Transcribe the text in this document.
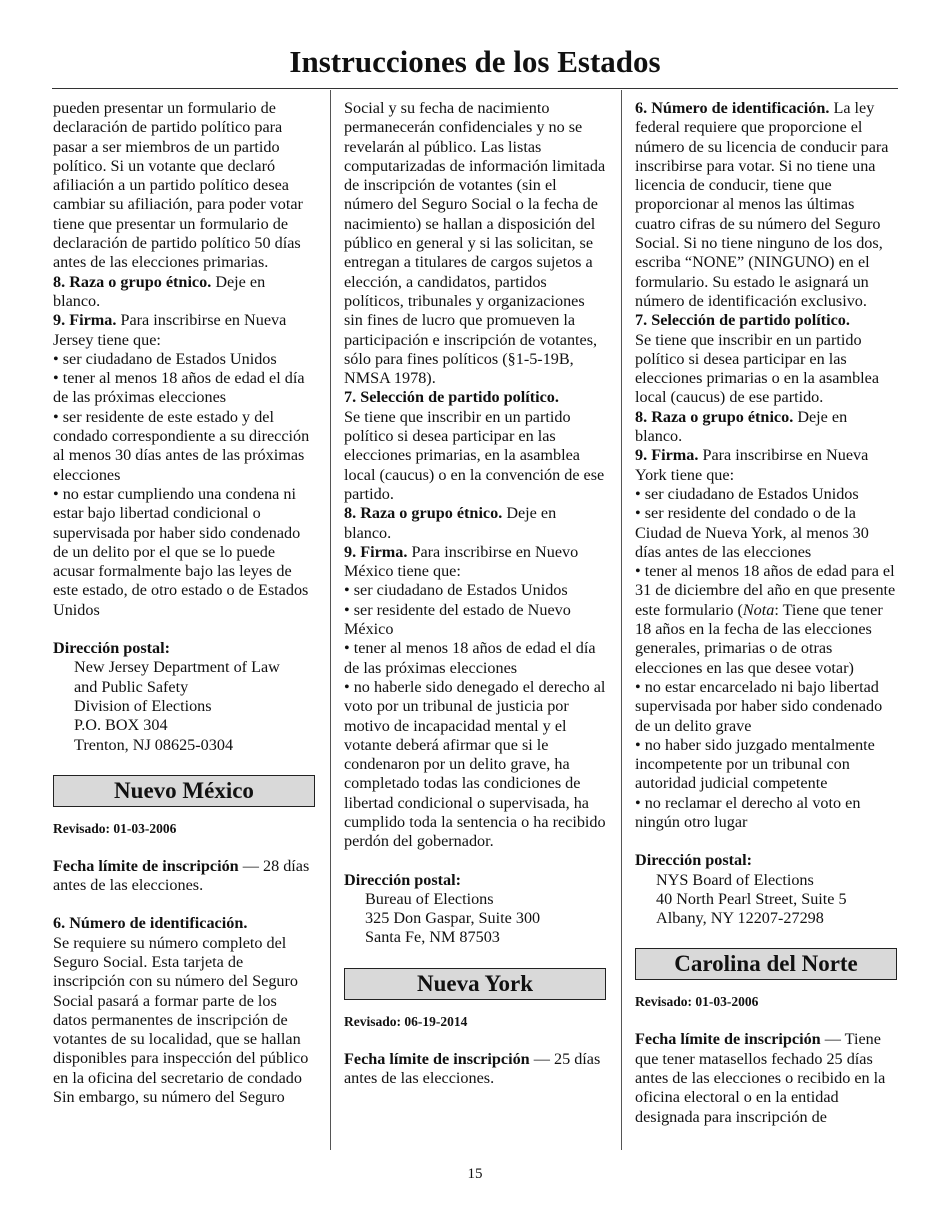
Instrucciones de los Estados

pueden presentar un formulario de declaración de partido político para pasar a ser miembros de un partido político. Si un votante que declaró afiliación a un partido político desea cambiar su afiliación, para poder votar tiene que presentar un formulario de declaración de partido político 50 días antes de las elecciones primarias.

8. Raza o grupo étnico. Deje en blanco.

9. Firma. Para inscribirse en Nueva Jersey tiene que:

• ser ciudadano de Estados Unidos

• tener al menos 18 años de edad el día de las próximas elecciones

• ser residente de este estado y del condado correspondiente a su dirección al menos 30 días antes de las próximas elecciones

• no estar cumpliendo una condena ni estar bajo libertad condicional o supervisada por haber sido condenado de un delito por el que se lo puede acusar formalmente bajo las leyes de este estado, de otro estado o de Estados Unidos

Dirección postal:

New Jersey Department of Law

and Public Safety

Division of Elections

P.O. BOX 304

Trenton, NJ 08625-0304

Nuevo México

Revisado: 01-03-2006

Fecha límite de inscripción — 28 días antes de las elecciones.

6. Número de identificación.

Se requiere su número completo del Seguro Social. Esta tarjeta de inscripción con su número del Seguro Social pasará a formar parte de los datos permanentes de inscripción de votantes de su localidad, que se hallan disponibles para inspección del público en la oficina del secretario de condado Sin embargo, su número del Seguro

Social y su fecha de nacimiento permanecerán confidenciales y no se revelarán al público. Las listas computarizadas de información limitada de inscripción de votantes (sin el número del Seguro Social o la fecha de nacimiento) se hallan a disposición del público en general y si las solicitan, se entregan a titulares de cargos sujetos a elección, a candidatos, partidos políticos, tribunales y organizaciones sin fines de lucro que promueven la participación e inscripción de votantes, sólo para fines políticos (§1-5-19B, NMSA 1978).

7. Selección de partido político.

Se tiene que inscribir en un partido político si desea participar en las elecciones primarias, en la asamblea local (caucus) o en la convención de ese partido.

8. Raza o grupo étnico. Deje en blanco.

9. Firma. Para inscribirse en Nuevo México tiene que:

• ser ciudadano de Estados Unidos

• ser residente del estado de Nuevo México

• tener al menos 18 años de edad el día de las próximas elecciones

• no haberle sido denegado el derecho al voto por un tribunal de justicia por motivo de incapacidad mental y el votante deberá afirmar que si le condenaron por un delito grave, ha completado todas las condiciones de libertad condicional o supervisada, ha cumplido toda la sentencia o ha recibido perdón del gobernador.

Dirección postal:

Bureau of Elections

325 Don Gaspar, Suite 300

Santa Fe, NM 87503

Nueva York

Revisado: 06-19-2014

Fecha límite de inscripción — 25 días antes de las elecciones.

6. Número de identificación. La ley federal requiere que proporcione el número de su licencia de conducir para inscribirse para votar. Si no tiene una licencia de conducir, tiene que proporcionar al menos las últimas cuatro cifras de su número del Seguro Social. Si no tiene ninguno de los dos, escriba “NONE” (NINGUNO) en el formulario. Su estado le asignará un número de identificación exclusivo.

7. Selección de partido político.

Se tiene que inscribir en un partido político si desea participar en las elecciones primarias o en la asamblea local (caucus) de ese partido.

8. Raza o grupo étnico. Deje en blanco.

9. Firma. Para inscribirse en Nueva York tiene que:

• ser ciudadano de Estados Unidos

• ser residente del condado o de la Ciudad de Nueva York, al menos 30 días antes de las elecciones

• tener al menos 18 años de edad para el 31 de diciembre del año en que presente este formulario (Nota: Tiene que tener 18 años en la fecha de las elecciones generales, primarias o de otras elecciones en las que desee votar)

• no estar encarcelado ni bajo libertad supervisada por haber sido condenado de un delito grave

• no haber sido juzgado mentalmente incompetente por un tribunal con autoridad judicial competente

• no reclamar el derecho al voto en ningún otro lugar

Dirección postal:

NYS Board of Elections

40 North Pearl Street, Suite 5

Albany, NY 12207-27298

Carolina del Norte

Revisado: 01-03-2006

Fecha límite de inscripción — Tiene que tener matasellos fechado 25 días antes de las elecciones o recibido en la oficina electoral o en la entidad designada para inscripción de

15
